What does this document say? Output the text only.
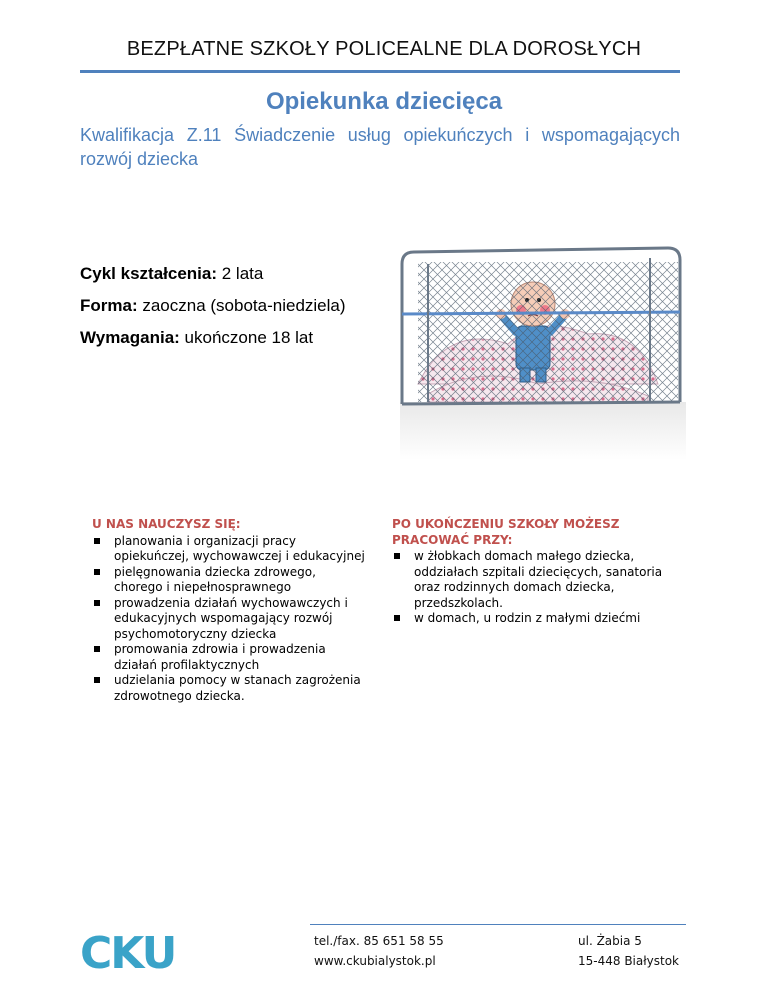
BEZPŁATNE SZKOŁY POLICEALNE DLA DOROSŁYCH
Opiekunka dziecięca
Kwalifikacja Z.11 Świadczenie usług opiekuńczych i wspomagających
rozwój dziecka
Cykl kształcenia: 2 lata
Forma: zaoczna (sobota-niedziela)
Wymagania: ukończone 18 lat
U NAS NAUCZYSZ SIĘ:
planowania i organizacji pracy opiekuńczej, wychowawczej i edukacyjnej
pielęgnowania dziecka zdrowego, chorego i niepełnosprawnego
prowadzenia działań wychowawczych i edukacyjnych wspomagający rozwój psychomotoryczny dziecka
promowania zdrowia i prowadzenia działań profilaktycznych
udzielania pomocy w stanach zagrożenia zdrowotnego dziecka.
PO UKOŃCZENIU SZKOŁY MOŻESZ PRACOWAĆ PRZY:
w żłobkach domach małego dziecka, oddziałach szpitali dziecięcych, sanatoria oraz rodzinnych domach dziecka, przedszkolach.
w domach, u rodzin z małymi dziećmi
CKU	tel./fax. 85 651 58 55
www.ckubialystok.pl
ul. Żabia 5
15-448 Białystok
